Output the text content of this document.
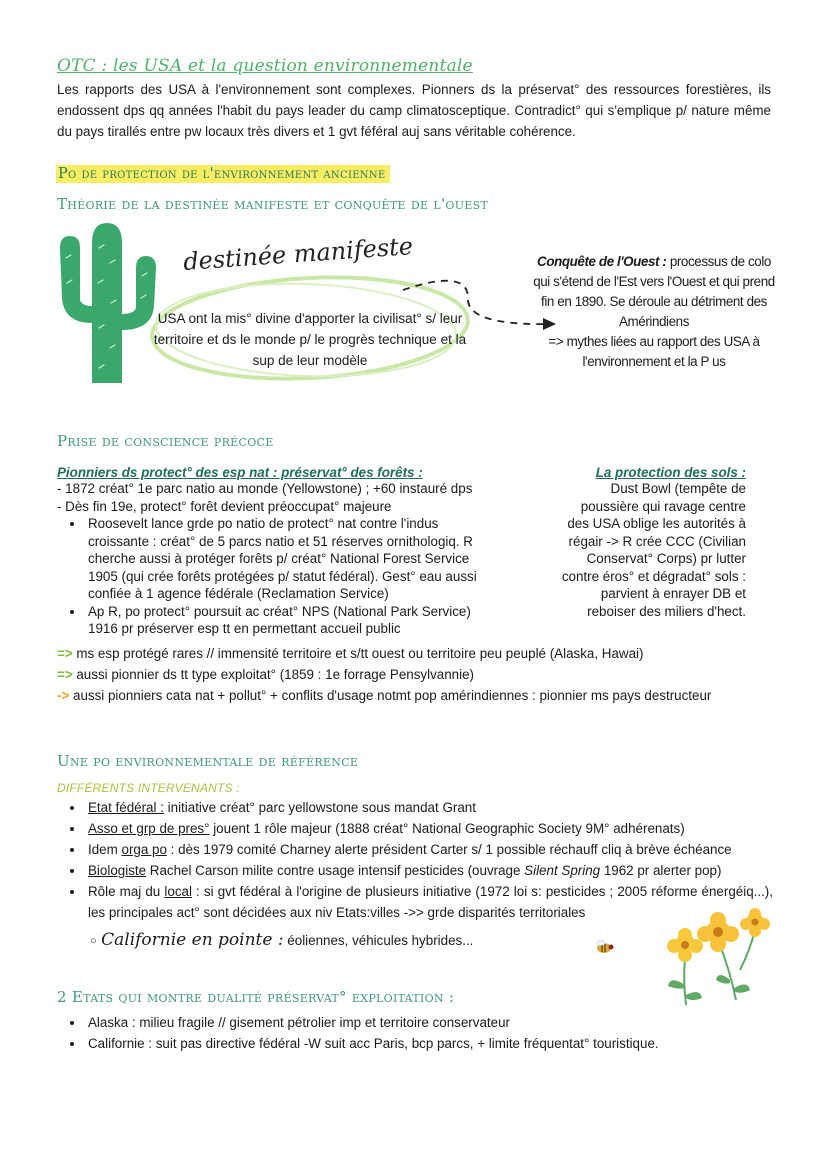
OTC : les USA et la question environnementale
Les rapports des USA à l'environnement sont complexes. Pionners ds la préservat° des ressources forestières, ils endossent dps qq années l'habit du pays leader du camp climatosceptique. Contradict° qui s'emplique p/ nature même du pays tirallés entre pw locaux très divers et 1 gvt féféral auj sans véritable cohérence.
Po de protection de l'environnement ancienne
Théorie de la destinée manifeste et conquête de l'ouest
destinée manifeste
USA ont la mis° divine d'apporter la civilisat° s/ leur territoire et ds le monde p/ le progrès technique et la sup de leur modèle
Conquête de l'Ouest : processus de colo qui s'étend de l'Est vers l'Ouest et qui prend fin en 1890. Se déroule au détriment des Amérindiens
=> mythes liées au rapport des USA à l'environnement et la P us
Prise de conscience précoce
Pionniers ds protect° des esp nat : préservat° des forêts :
- 1872 créat° 1e parc natio au monde (Yellowstone) ; +60 instauré dps
- Dès fin 19e, protect° forêt devient préoccupat° majeure
• Roosevelt lance grde po natio de protect° nat contre l'indus croissante : créat° de 5 parcs natio et 51 réserves ornithologiq. R cherche aussi à protéger forêts p/ créat° National Forest Service 1905 (qui crée forêts protégées p/ statut fédéral). Gest° eau aussi confiée à 1 agence fédérale (Reclamation Service)
• Ap R, po protect° poursuit ac créat° NPS (National Park Service) 1916 pr préserver esp tt en permettant accueil public
La protection des sols :
Dust Bowl (tempête de poussière qui ravage centre des USA oblige les autorités à régair -> R crée CCC (Civilian Conservat° Corps) pr lutter contre éros° et dégradat° sols : parvient à enrayer DB et reboiser des miliers d'hect.
=> ms esp protégé rares // immensité territoire et s/tt ouest ou territoire peu peuplé (Alaska, Hawai)
=> aussi pionnier ds tt type exploitat° (1859 : 1e forrage Pensylvannie)
-> aussi pionniers cata nat + pollut° + conflits d'usage notmt pop amérindiennes : pionnier ms pays destructeur
Une po environnementale de référence
DIFFÉRENTS INTERVENANTS :
• Etat fédéral : initiative créat° parc yellowstone sous mandat Grant
• Asso et grp de pres° jouent 1 rôle majeur (1888 créat° National Geographic Society 9M° adhérenats)
• Idem orga po : dès 1979 comité Charney alerte président Carter s/ 1 possible réchauff cliq à brève échéance
• Biologiste Rachel Carson milite contre usage intensif pesticides (ouvrage Silent Spring 1962 pr alerter pop)
• Rôle maj du local : si gvt fédéral à l'origine de plusieurs initiative (1972 loi s: pesticides ; 2005 réforme énergéiq...), les principales act° sont décidées aux niv Etats:villes ->> grde disparités territoriales
○ Californie en pointe : éoliennes, véhicules hybrides...
2 Etats qui montre dualité préservat° exploitation :
• Alaska : milieu fragile // gisement pétrolier imp et territoire conservateur
• Californie : suit pas directive fédéral -W suit acc Paris, bcp parcs, + limite fréquentat° touristique.
